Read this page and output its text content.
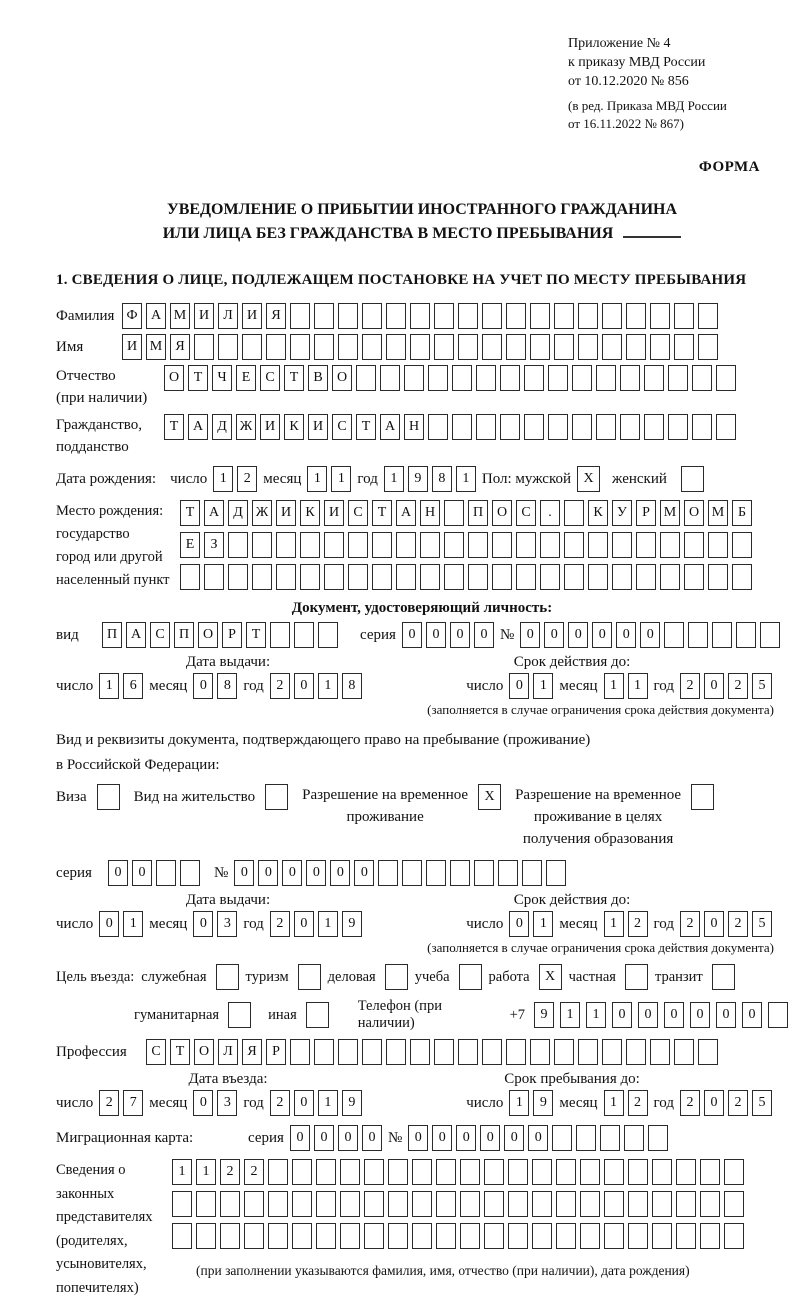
Приложение № 4
к приказу МВД России
от 10.12.2020 № 856
(в ред. Приказа МВД России
от 16.11.2022 № 867)
ФОРМА
УВЕДОМЛЕНИЕ О ПРИБЫТИИ ИНОСТРАННОГО ГРАЖДАНИНА
ИЛИ ЛИЦА БЕЗ ГРАЖДАНСТВА В МЕСТО ПРЕБЫВАНИЯ
1. СВЕДЕНИЯ О ЛИЦЕ, ПОДЛЕЖАЩЕМ ПОСТАНОВКЕ НА УЧЕТ ПО МЕСТУ ПРЕБЫВАНИЯ
Фамилия Ф А М И	Л	И	Я
Имя	И М Я
Отчество
(при наличии)
О	Т	Ч	Е	С	Т	В	О
Гражданство,
подданство
Т	А	Д Ж И	К	И	С	Т	А Н
Дата рождения: число 1	2 месяц 1	1 год 1	9	8	1 Пол: мужской X	женский
Место рождения:
государство
город или другой
населенный пункт
Т	А	Д Ж И	К	И	С	Т	А Н	П О	С	.	К	У	Р М О М Б
Е	З
Документ, удостоверяющий личность:
вид	П А	С	П О	Р	Т	серия 0	0	0	0 № 0	0	0	0	0	0
Дата выдачи:	Срок действия до:
число 1	6 месяц 0	8 год 2	0	1	8	число 0	1 месяц 1	1 год 2	0	2	5
(заполняется в случае ограничения срока действия документа)
Вид и реквизиты документа, подтверждающего право на пребывание (проживание)
в Российской Федерации:
Виза	Вид на жительство	Разрешение на временное
проживание
X	Разрешение на временное
проживание в целях
получения образования
серия	0	0	№ 0	0	0	0	0	0
Дата выдачи:	Срок действия до:
число 0	1 месяц 0	3 год 2	0	1	9	число 0	1 месяц 1	2 год 2	0	2	5
(заполняется в случае ограничения срока действия документа)
Цель въезда: служебная	туризм	деловая	учеба	работа	X частная	транзит
гуманитарная	иная
Телефон (при наличии)
+7	9	1	1	0	0	0	0	0	0
Профессия	С	Т	О	Л	Я	Р
Дата въезда:	Срок пребывания до:
число 2	7 месяц 0	3 год 2	0	1	9	число 1	9 месяц 1	2 год 2	0	2	5
Миграционная карта:	серия 0	0	0	0 № 0	0	0	0	0	0
Сведения о
законных
представителях
(родителях,
усыновителях,
попечителях)
1	1	2	2
(при заполнении указываются фамилия, имя, отчество (при наличии), дата рождения)
